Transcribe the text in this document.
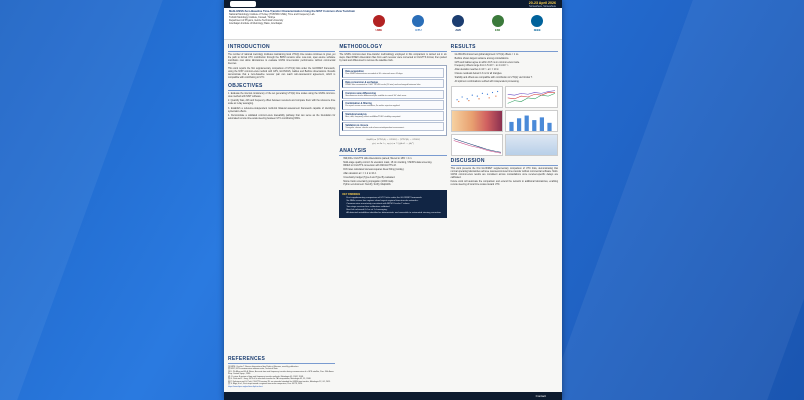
20-23 April 2026
Somewhere, Somewhere
Multi-GNSS Zero-Baseline Time-Transfer Characterization Using the NIST Common-View Toolchain
National Metrology Institute of Turkey (TÜBİTAK UME), Time and Frequency Lab.
Turkish Metrology Institute, Kocaeli, Türkiye
Department of Physics, Gebze Technical University
Azerbaijan Institute of Metrology, Baku, Azerbaijan
UME	GTU	AMI	EMI	IEEE
INTRODUCTION

The number of national metrology institutes maintaining local UTC(k) time scales continues to grow, yet the path to formal UTC contribution through the BIPM remains slow. Low-cost, open-source software toolchains now allow laboratories to evaluate GNSS time-transfer performance without commercial licences.

This work reports the first supplementary comparison of UTC(k) links under the GLOFRET framework, using the NIST common-view method with GPS, GLONASS, Galileo and BeiDou observations. Results demonstrate that a zero-baseline receiver pair can reach sub-nanosecond agreement, which is compatible with contributing to UTC.

OBJECTIVES

1. Evaluate the internal consistency of the set generating UTC(k) time scales using the GNSS common-view method with NIST software.

2. Quantify bias, drift and frequency offset between receivers and compare them with the reference time scale at 1-day averaging.

3. Establish a reference-independent multi-link bilateral assessment framework capable of identifying systematic effects.

4. Demonstrate a validated common-view traceability pathway that can serve as the foundation for automated remote time-scale steering between UTC-contributing NMIs.

REFERENCES
[1] BIPM, Circular T, Bureau International des Poids et Mesures, monthly publication.
[2] NIST, GPS common-view software suite, Technical Note.
[3] D. W. Allan and M. A. Weiss, Accurate time and frequency transfer during common-view of a GPS satellite, Proc. 34th Annu. Freq. Control Symp., 1980.
[4] J. Levine, A review of time and frequency transfer methods, Metrologia 45, S162, 2008.
[5] G. Petit and Z. Jiang, GPS all in view time transfer for TAI computation, Metrologia 45, 35, 2008.
[6] P. Defraigne and G. Petit, CGGTTS-version 2E: an extended standard for GNSS time transfer, Metrologia 52, G1, 2015.
[7] S. Bilgiç et al., First steps toward a regional time-scale comparison, Proc. EFTF, 2024.
https://www.bipm.org/en/time-ftp/circular-t
METHODOLOGY
The GNSS common-view time-transfer methodology employed in this comparison is carried out in six steps. Raw RINEX observation files from each receiver were converted to CGGTTS format, then paired by track and differenced to remove the satellite clock.
Data acquisition
Raw GNSS observations recorded at 30 s intervals over 44 days.
Data conversion & exchange
RINEX files converted to CGGTTS v2E tracks (16 min) and exchanged between labs.
Common-view differencing
Simultaneous tracks differenced per satellite to cancel SV clock error.
Combination & filtering
Per-epoch mean across satellites; 3σ outlier rejection applied.
Statistical analysis
Bias, drift, frequency offset and Allan/TDEV stability computed.
Validation & closure
Triangular closure checks and reference-independent assessment.
Δt(AB) = [UTC(A) − GNSS] − [UTC(B) − GNSS]
y(τ) = Δx / τ, σy(τ) = ½⟨(ȳk+1 − ȳk)²⟩
ANALYSIS
• 690,000+ CGGTTS v2E observations parsed; filtered to 18% > 2 m.
• Multi-stage quality control: 3σ elevation mask, 15 min tracking, VSF/DS data screening.
• RINEX to CGGTTS conversion with R2CGGTTS v8.
• Drift rates calculated via least-squares linear fitting (ns/day).
• Allan deviation at τ = 1 d to 16 d.
• Uncertainty budget (Type A and Type B) evaluated.
• Monte Carlo uncertainty propagation (1000 trials).
• Python environment: NumPy, SciPy, Matplotlib.
KEY FINDINGS
• First supplementary comparison of UTC links under the GLOFRET framework.
• Six NMIs across four regions show largest regional time-transfer networks.
• Common-view uncertainty consistent with BIPM Circular T values.
• Two-stage receiver bias calibration validated.
• Best link achieved 0.4 ns at 1 d averaging.
• All detected instabilities identified as deterministic and amenable to automated steering correction.
RESULTS
• GLONASS shows best global alignment: UTC(k) offsets < 1 ns.
• BeiDou shows largest variance among constellations.
• GPS and Galileo agree to within ±0.5 ns in common-view mode.
• Frequency offsets range from 1.5×10⁻¹⁵ to 4.1×10⁻¹⁵.
• Allan deviation reaches 1×10⁻¹⁵ at τ = 10 d.
• Closure residuals below 0.3 ns for all triangles.
• Stability and offsets are compatible with contribution to UTC(k) via Circular T.
• All optimum combinations verified with independent processing.
DISCUSSION

This work presents the first GLOFRET supplementary comparison of UTC links, demonstrating that normal operating laboratories achieve nanosecond-level time-transfer without commercial software. Multi-GNSS common-view results are consistent across constellations once receiver-specific delays are calibrated.

Future work will automate the comparison and extend the network to additional laboratories, enabling remote steering of local time scales toward UTC.

Contact
